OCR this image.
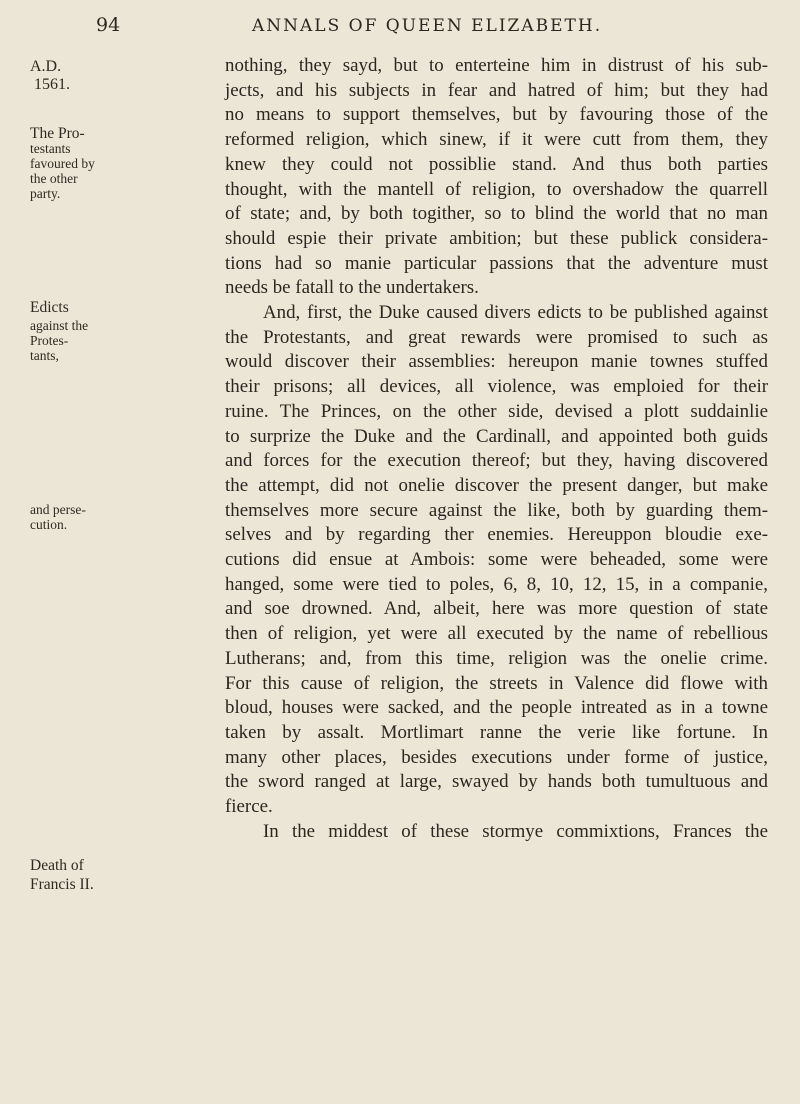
94	ANNALS OF QUEEN ELIZABETH.
A.D.
1561.
The Pro-
testants
favoured by
the other
party.
Edicts
against the
Protes-
tants,
and perse-
cution.
Death of
Francis II.
nothing, they sayd, but to enterteine him in distrust of his sub-
jects, and his subjects in fear and hatred of him; but they had
no means to support themselves, but by favouring those of the
reformed religion, which sinew, if it were cutt from them, they
knew they could not possiblie stand. And thus both parties
thought, with the mantell of religion, to overshadow the quarrell
of state; and, by both togither, so to blind the world that no man
should espie their private ambition; but these publick considera-
tions had so manie particular passions that the adventure must
needs be fatall to the undertakers.
And, first, the Duke caused divers edicts to be published against
the Protestants, and great rewards were promised to such as
would discover their assemblies: hereupon manie townes stuffed
their prisons; all devices, all violence, was emploied for their
ruine. The Princes, on the other side, devised a plott suddainlie
to surprize the Duke and the Cardinall, and appointed both guids
and forces for the execution thereof; but they, having discovered
the attempt, did not onelie discover the present danger, but make
themselves more secure against the like, both by guarding them-
selves and by regarding ther enemies. Hereuppon bloudie exe-
cutions did ensue at Ambois: some were beheaded, some were
hanged, some were tied to poles, 6, 8, 10, 12, 15, in a companie,
and soe drowned. And, albeit, here was more question of state
then of religion, yet were all executed by the name of rebellious
Lutherans; and, from this time, religion was the onelie crime.
For this cause of religion, the streets in Valence did flowe with
bloud, houses were sacked, and the people intreated as in a towne
taken by assalt. Mortlimart ranne the verie like fortune. In
many other places, besides executions under forme of justice,
the sword ranged at large, swayed by hands both tumultuous and
fierce.
In the middest of these stormye commixtions, Frances the
